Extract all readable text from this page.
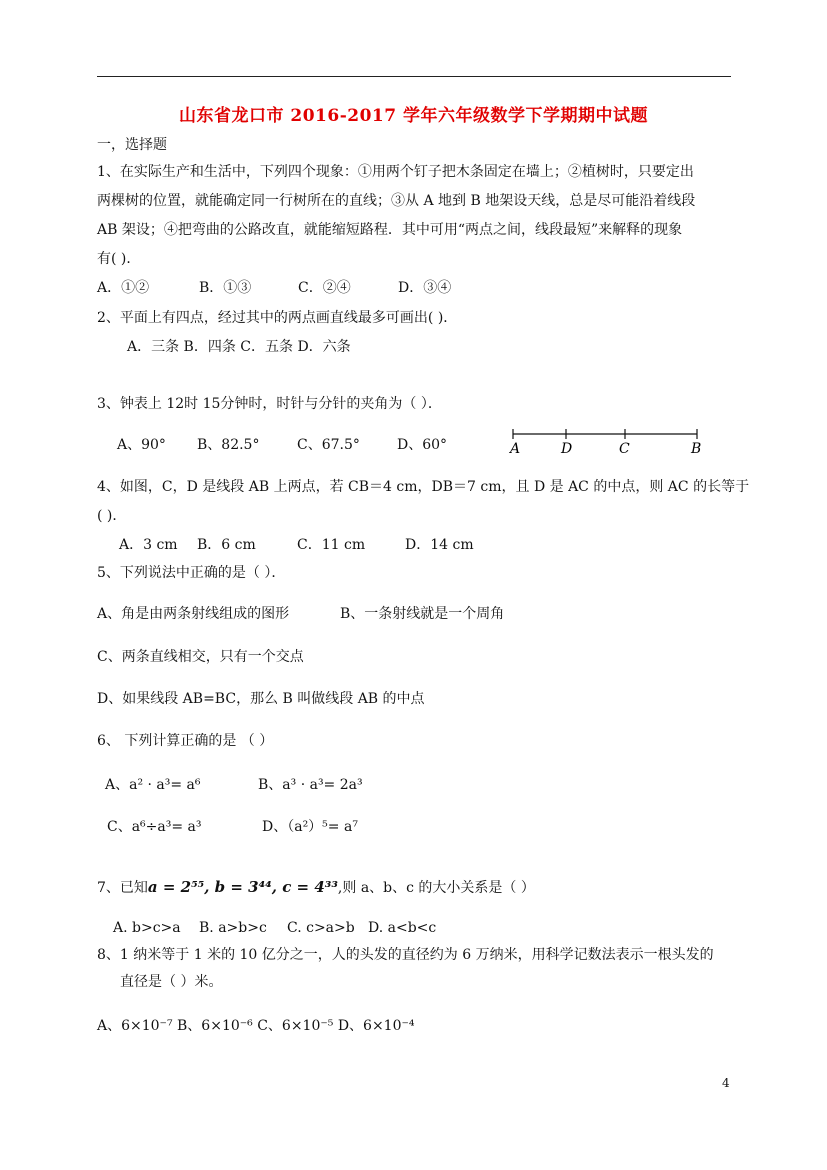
山东省龙口市 2016-2017 学年六年级数学下学期期中试题
一，选择题
1、在实际生产和生活中，下列四个现象：①用两个钉子把木条固定在墙上；②植树时，只要定出
两棵树的位置，就能确定同一行树所在的直线；③从 A 地到 B 地架设天线，总是尽可能沿着线段
AB 架设；④把弯曲的公路改直，就能缩短路程．其中可用“两点之间，线段最短”来解释的现象
有( )．
A．①②	B．①③	C．②④	D．③④
2、平面上有四点，经过其中的两点画直线最多可画出( )．
A．三条 B．四条 C．五条 D．六条
3、钟表上 12时 15分钟时，时针与分针的夹角为（ ）．
A、90° B、82.5°	C、67.5°	D、60°	A	D	C	B
4、如图，C，D 是线段 AB 上两点，若 CB＝4 cm，DB＝7 cm，且 D 是 AC 的中点，则 AC 的长等于
( )．
A．3 cm B．6 cm	C．11 cm	D．14 cm
5、下列说法中正确的是（ ）．
A、角是由两条射线组成的图形	B、一条射线就是一个周角
C、两条直线相交，只有一个交点
D、如果线段 AB=BC，那么 B 叫做线段 AB 的中点
6、 下列计算正确的是 （ ）
A、a² · a³= a⁶	B、a³ · a³= 2a³
C、a⁶÷a³= a³	D、（a²）⁵= a⁷
7、已知a = 2⁵⁵, b = 3⁴⁴, c = 4³³,则 a、b、c 的大小关系是（ ）
A. b>c>a B. a>b>c C. c>a>b D. a<b<c
8、1 纳米等于 1 米的 10 亿分之一，人的头发的直径约为 6 万纳米，用科学记数法表示一根头发的
直径是（ ）米。
A、6×10⁻⁷ B、6×10⁻⁶ C、6×10⁻⁵ D、6×10⁻⁴
4
